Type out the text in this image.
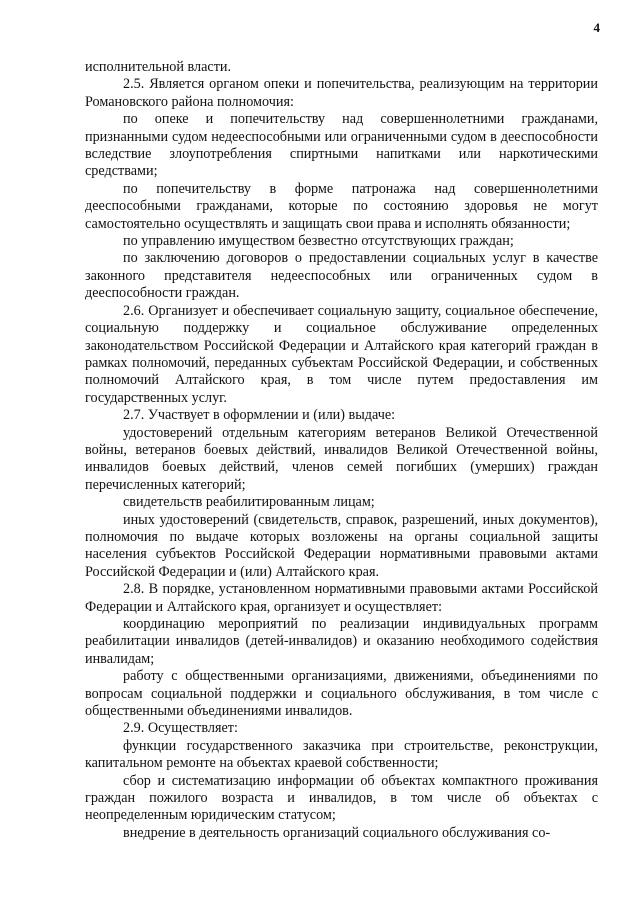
4

исполнительной власти.

2.5. Является органом опеки и попечительства, реализующим на территории Романовского района полномочия:

по опеке и попечительству над совершеннолетними гражданами, признанными судом недееспособными или ограниченными судом в дееспособности вследствие злоупотребления спиртными напитками или наркотическими средствами;

по попечительству в форме патронажа над совершеннолетними дееспособными гражданами, которые по состоянию здоровья не могут самостоятельно осуществлять и защищать свои права и исполнять обязанности;

по управлению имуществом безвестно отсутствующих граждан;

по заключению договоров о предоставлении социальных услуг в качестве законного представителя недееспособных или ограниченных судом в дееспособности граждан.

2.6. Организует и обеспечивает социальную защиту, социальное обеспечение, социальную поддержку и социальное обслуживание определенных законодательством Российской Федерации и Алтайского края категорий граждан в рамках полномочий, переданных субъектам Российской Федерации, и собственных полномочий Алтайского края, в том числе путем предоставления им государственных услуг.

2.7. Участвует в оформлении и (или) выдаче:

удостоверений отдельным категориям ветеранов Великой Отечественной войны, ветеранов боевых действий, инвалидов Великой Отечественной войны, инвалидов боевых действий, членов семей погибших (умерших) граждан перечисленных категорий;

свидетельств реабилитированным лицам;

иных удостоверений (свидетельств, справок, разрешений, иных документов), полномочия по выдаче которых возложены на органы социальной защиты населения субъектов Российской Федерации нормативными правовыми актами Российской Федерации и (или) Алтайского края.

2.8. В порядке, установленном нормативными правовыми актами Российской Федерации и Алтайского края, организует и осуществляет:

координацию мероприятий по реализации индивидуальных программ реабилитации инвалидов (детей-инвалидов) и оказанию необходимого содействия инвалидам;

работу с общественными организациями, движениями, объединениями по вопросам социальной поддержки и социального обслуживания, в том числе с общественными объединениями инвалидов.

2.9. Осуществляет:

функции государственного заказчика при строительстве, реконструкции, капитальном ремонте на объектах краевой собственности;

сбор и систематизацию информации об объектах компактного проживания граждан пожилого возраста и инвалидов, в том числе об объектах с неопределенным юридическим статусом;

внедрение в деятельность организаций социального обслуживания со-
